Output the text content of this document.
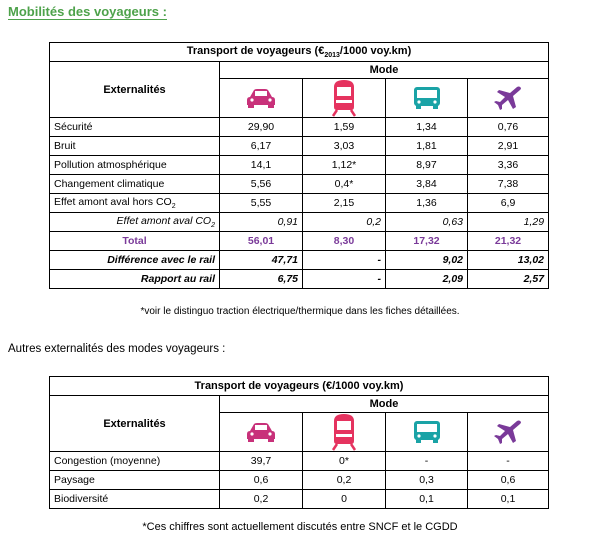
Mobilités des voyageurs :
Transport de voyageurs ($€_{2013}/1000$ voy.km)				
Externalités	Mode			

Sécurité	29,90	1,59	1,34	0,76
Bruit	6,17	3,03	1,81	2,91
Pollution atmosphérique	14,1	1,12*	8,97	3,36
Changement climatique	5,56	0,4*	3,84	7,38
Effet amont aval hors $CO_2$	5,55	2,15	1,36	6,9
Effet amont aval $CO_2$	0,91	0,2	0,63	1,29
Total	56,01	8,30	17,32	21,32
Différence avec le rail	47,71	-	9,02	13,02
Rapport au rail	6,75	-	2,09	2,57
*voir le distinguo traction électrique/thermique dans les fiches détaillées.
Autres externalités des modes voyageurs :
Transport de voyageurs (€/1000 voy.km)				
Externalités	Mode			

Congestion (moyenne)	39,7	0*	-	-
Paysage	0,6	0,2	0,3	0,6
Biodiversité	0,2	0	0,1	0,1
*Ces chiffres sont actuellement discutés entre SNCF et le CGDD
